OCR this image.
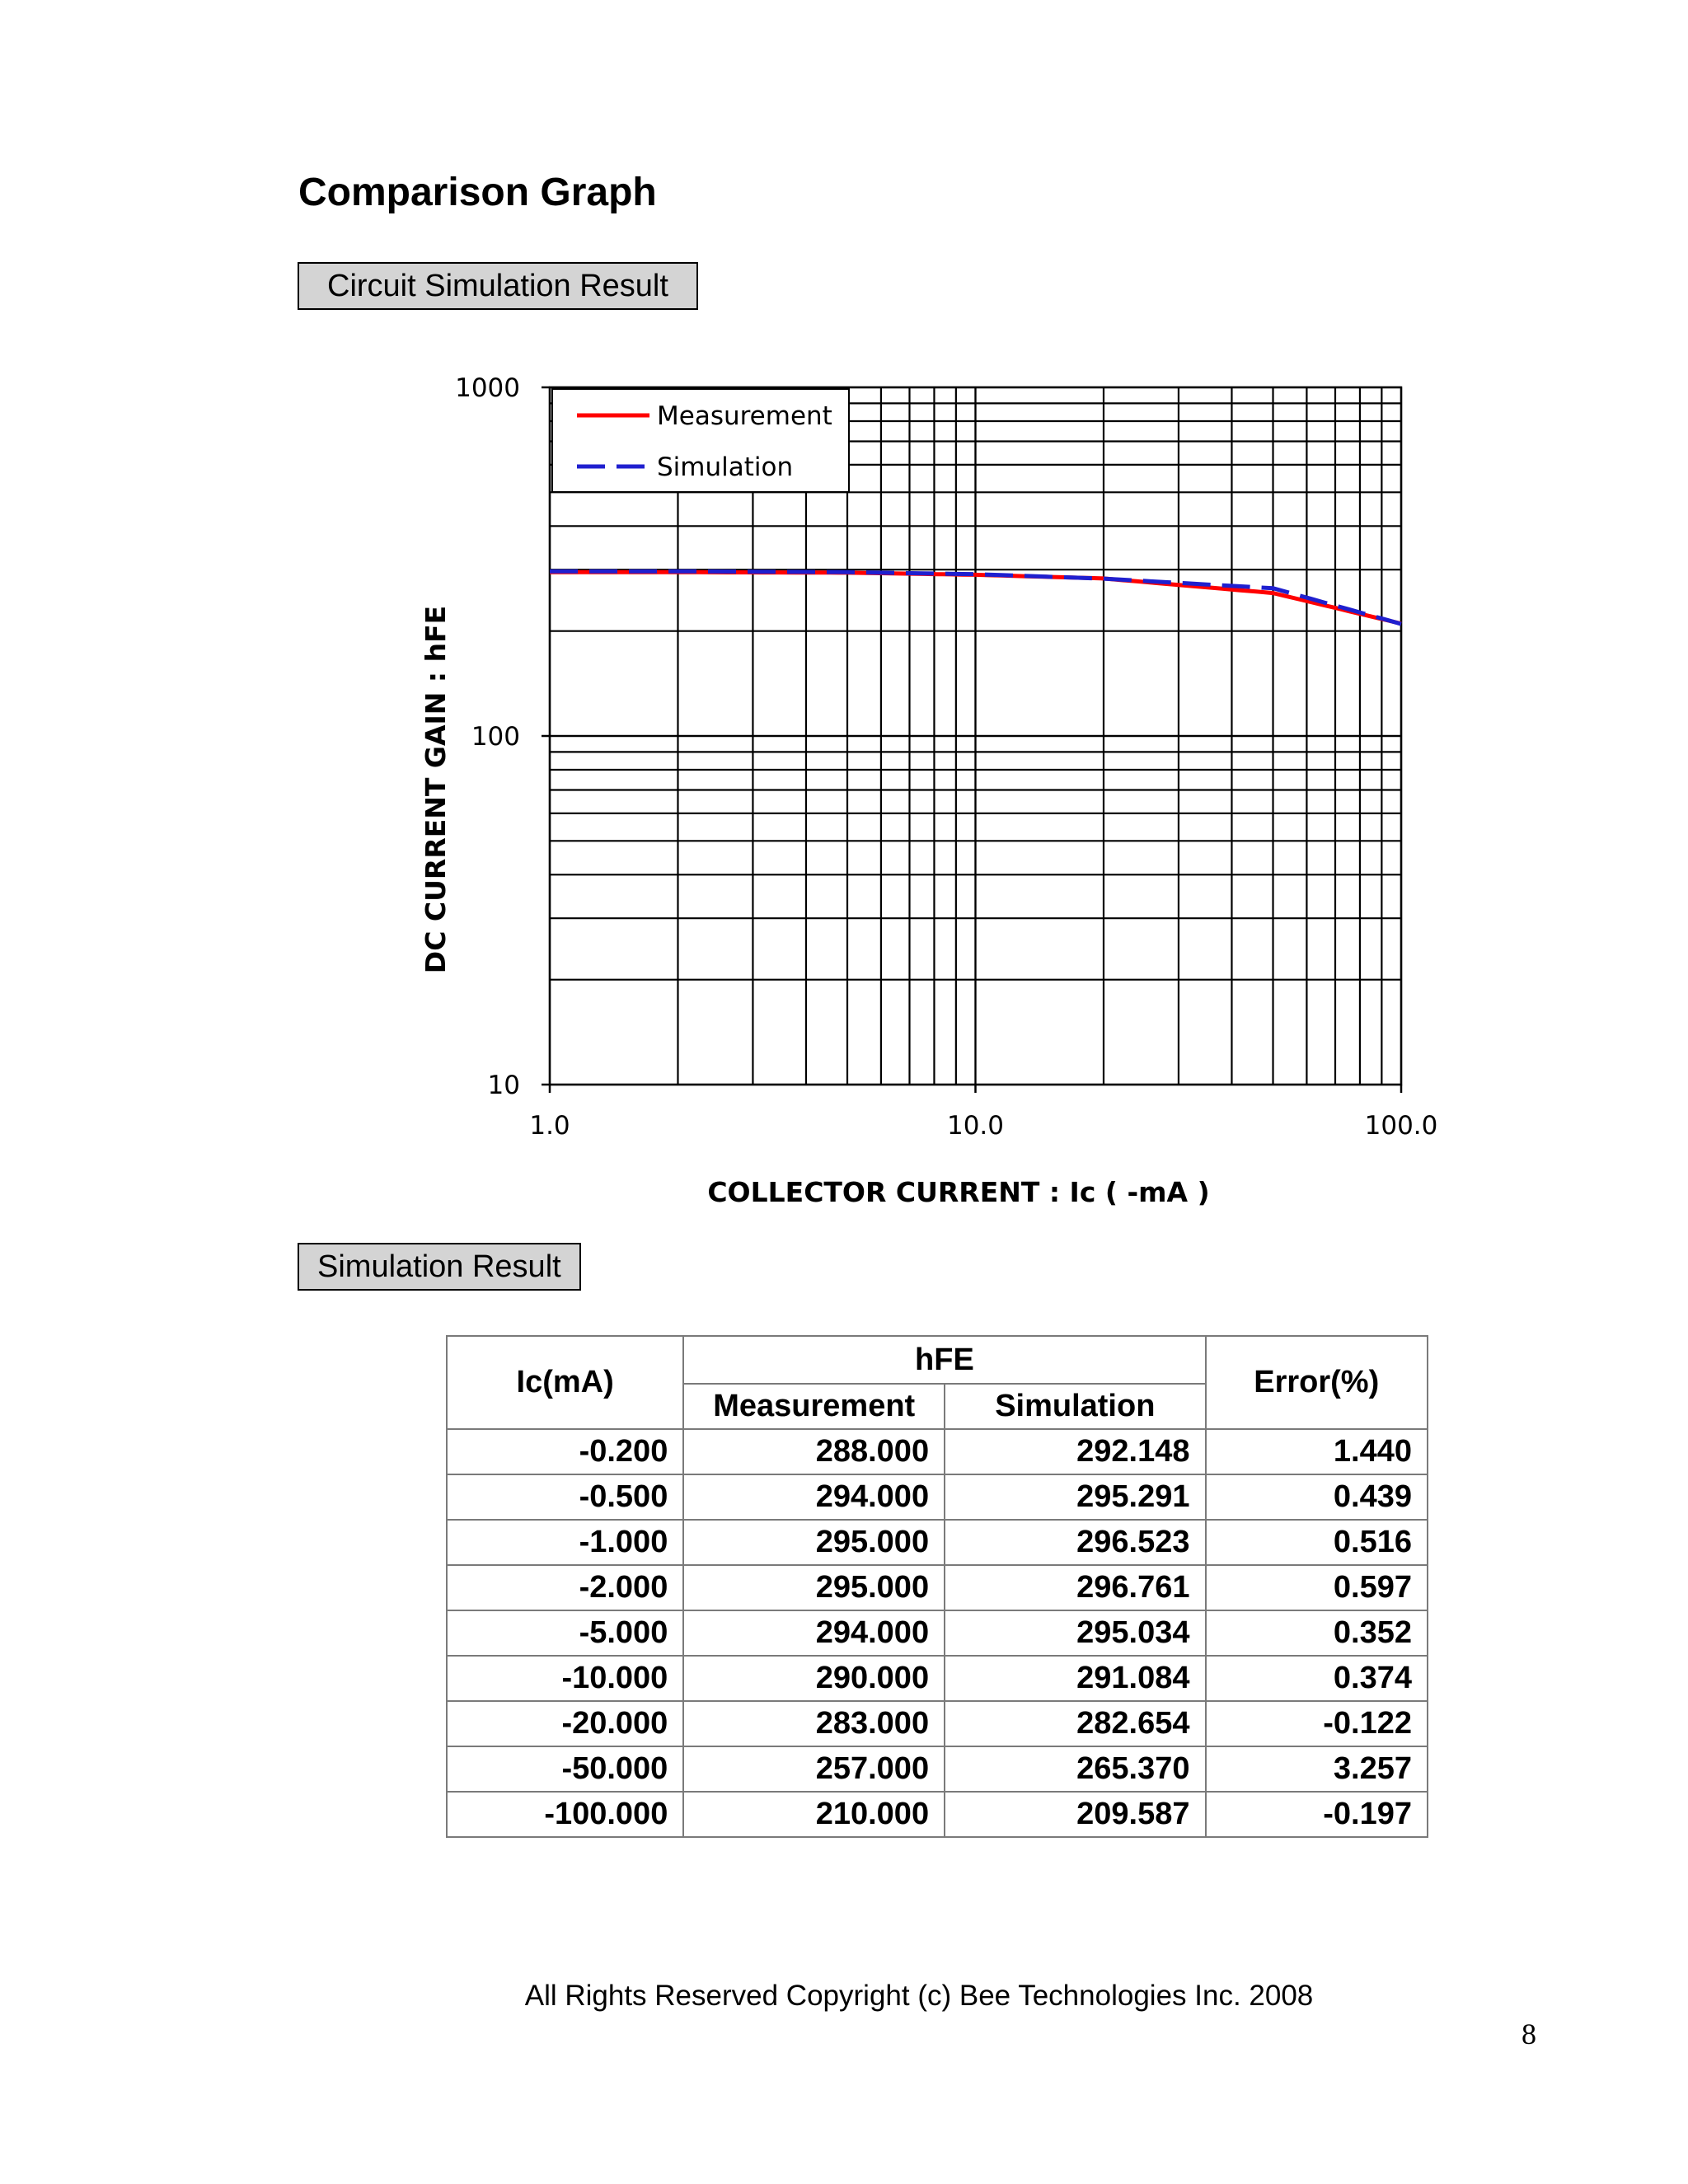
Comparison Graph
Circuit Simulation Result
1.0	10.0	100.0
10
100
1000
COLLECTOR CURRENT : Ic ( -mA )
DC CURRENT GAIN : hFE
Measurement
Simulation
Simulation Result
Ic(mA)	hFE		Error(%)
	Measurement	Simulation	
-0.200	288.000	292.148	1.440
-0.500	294.000	295.291	0.439
-1.000	295.000	296.523	0.516
-2.000	295.000	296.761	0.597
-5.000	294.000	295.034	0.352
-10.000	290.000	291.084	0.374
-20.000	283.000	282.654	-0.122
-50.000	257.000	265.370	3.257
-100.000	210.000	209.587	-0.197
All Rights Reserved Copyright (c) Bee Technologies Inc. 2008
8
